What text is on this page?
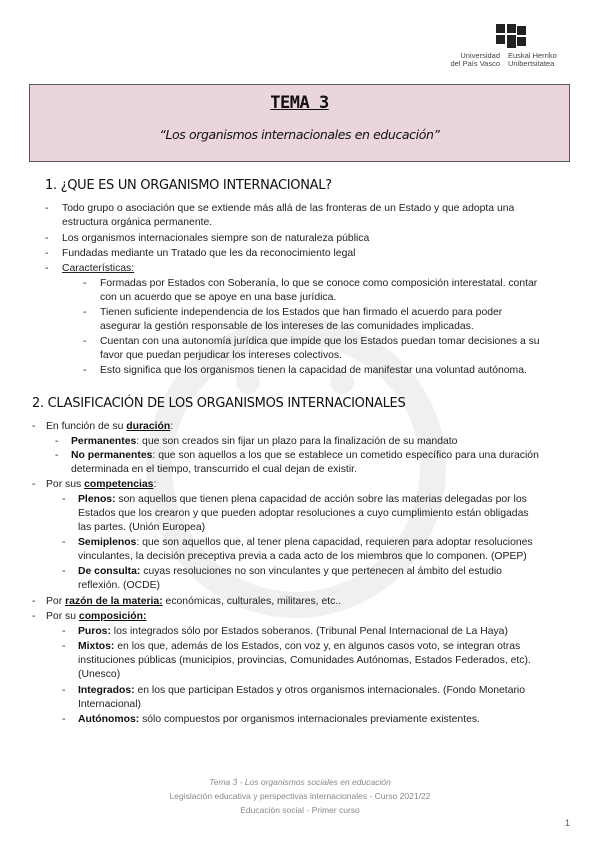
Universidad
del País Vasco
Euskal Herriko
Unibertsitatea
TEMA 3
“Los organismos internacionales en educación”
1. ¿QUE ES UN ORGANISMO INTERNACIONAL?
- Todo grupo o asociación que se extiende más allá de las fronteras de un Estado y que adopta una
estructura orgánica permanente.
- Los organismos internacionales siempre son de naturaleza pública
- Fundadas mediante un Tratado que les da reconocimiento legal
- Características:
- Formadas por Estados con Soberanía, lo que se conoce como composición interestatal. contar
con un acuerdo que se apoye en una base jurídica.
- Tienen suficiente independencia de los Estados que han firmado el acuerdo para poder
asegurar la gestión responsable de los intereses de las comunidades implicadas.
- Cuentan con una autonomía jurídica que impide que los Estados puedan tomar decisiones a su
favor que puedan perjudicar los intereses colectivos.
- Esto significa que los organismos tienen la capacidad de manifestar una voluntad autónoma.
2. CLASIFICACIÓN DE LOS ORGANISMOS INTERNACIONALES
- En función de su duración:
- Permanentes: que son creados sin fijar un plazo para la finalización de su mandato
- No permanentes: que son aquellos a los que se establece un cometido específico para una duración
determinada en el tiempo, transcurrido el cual dejan de existir.
- Por sus competencias:
- Plenos: son aquellos que tienen plena capacidad de acción sobre las materias delegadas por los
Estados que los crearon y que pueden adoptar resoluciones a cuyo cumplimiento están obligadas
las partes. (Unión Europea)
- Semiplenos: que son aquellos que, al tener plena capacidad, requieren para adoptar resoluciones
vinculantes, la decisión preceptiva previa a cada acto de los miembros que lo componen. (OPEP)
- De consulta: cuyas resoluciones no son vinculantes y que pertenecen al ámbito del estudio
reflexión. (OCDE)
- Por razón de la materia: económicas, culturales, militares, etc..
- Por su composición:
- Puros: los integrados sólo por Estados soberanos. (Tribunal Penal Internacional de La Haya)
- Mixtos: en los que, además de los Estados, con voz y, en algunos casos voto, se integran otras
instituciones públicas (municipios, provincias, Comunidades Autónomas, Estados Federados, etc).
(Unesco)
- Integrados: en los que participan Estados y otros organismos internacionales. (Fondo Monetario
Internacional)
- Autónomos: sólo compuestos por organismos internacionales previamente existentes.
Tema 3 - Los organismos sociales en educación
Legislación educativa y perspectivas internacionales - Curso 2021/22
Educación social - Primer curso
1
